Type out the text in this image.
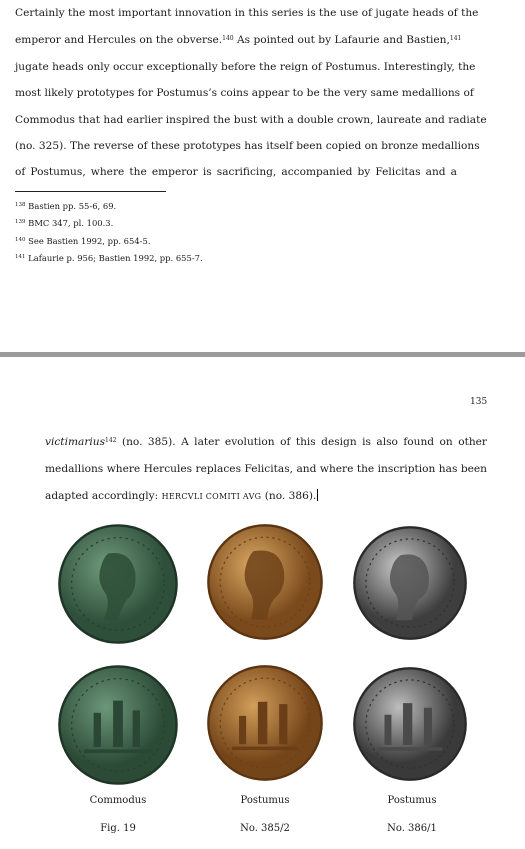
Certainly the most important innovation in this series is the use of jugate heads of the
emperor and Hercules on the obverse.$^{140}$ As pointed out by Lafaurie and Bastien,$^{141}$
jugate heads only occur exceptionally before the reign of Postumus. Interestingly, the
most likely prototypes for Postumus’s coins appear to be the very same medallions of
Commodus that had earlier inspired the bust with a double crown, laureate and radiate
(no. 325). The reverse of these prototypes has itself been copied on bronze medallions
of Postumus, where the emperor is sacrificing, accompanied by Felicitas and a
$^{138}$ Bastien pp. 55-6, 69.
$^{139}$ BMC 347, pl. 100.3.
$^{140}$ See Bastien 1992, pp. 654-5.
$^{141}$ Lafaurie p. 956; Bastien 1992, pp. 655-7.
135
victimarius$^{142}$ (no. 385). A later evolution of this design is also found on other
medallions where Hercules replaces Felicitas, and where the inscription has been
adapted accordingly: HERCVLI COMITI AVG (no. 386).
Commodus	Postumus	Postumus
Fig. 19	No. 385/2	No. 386/1
